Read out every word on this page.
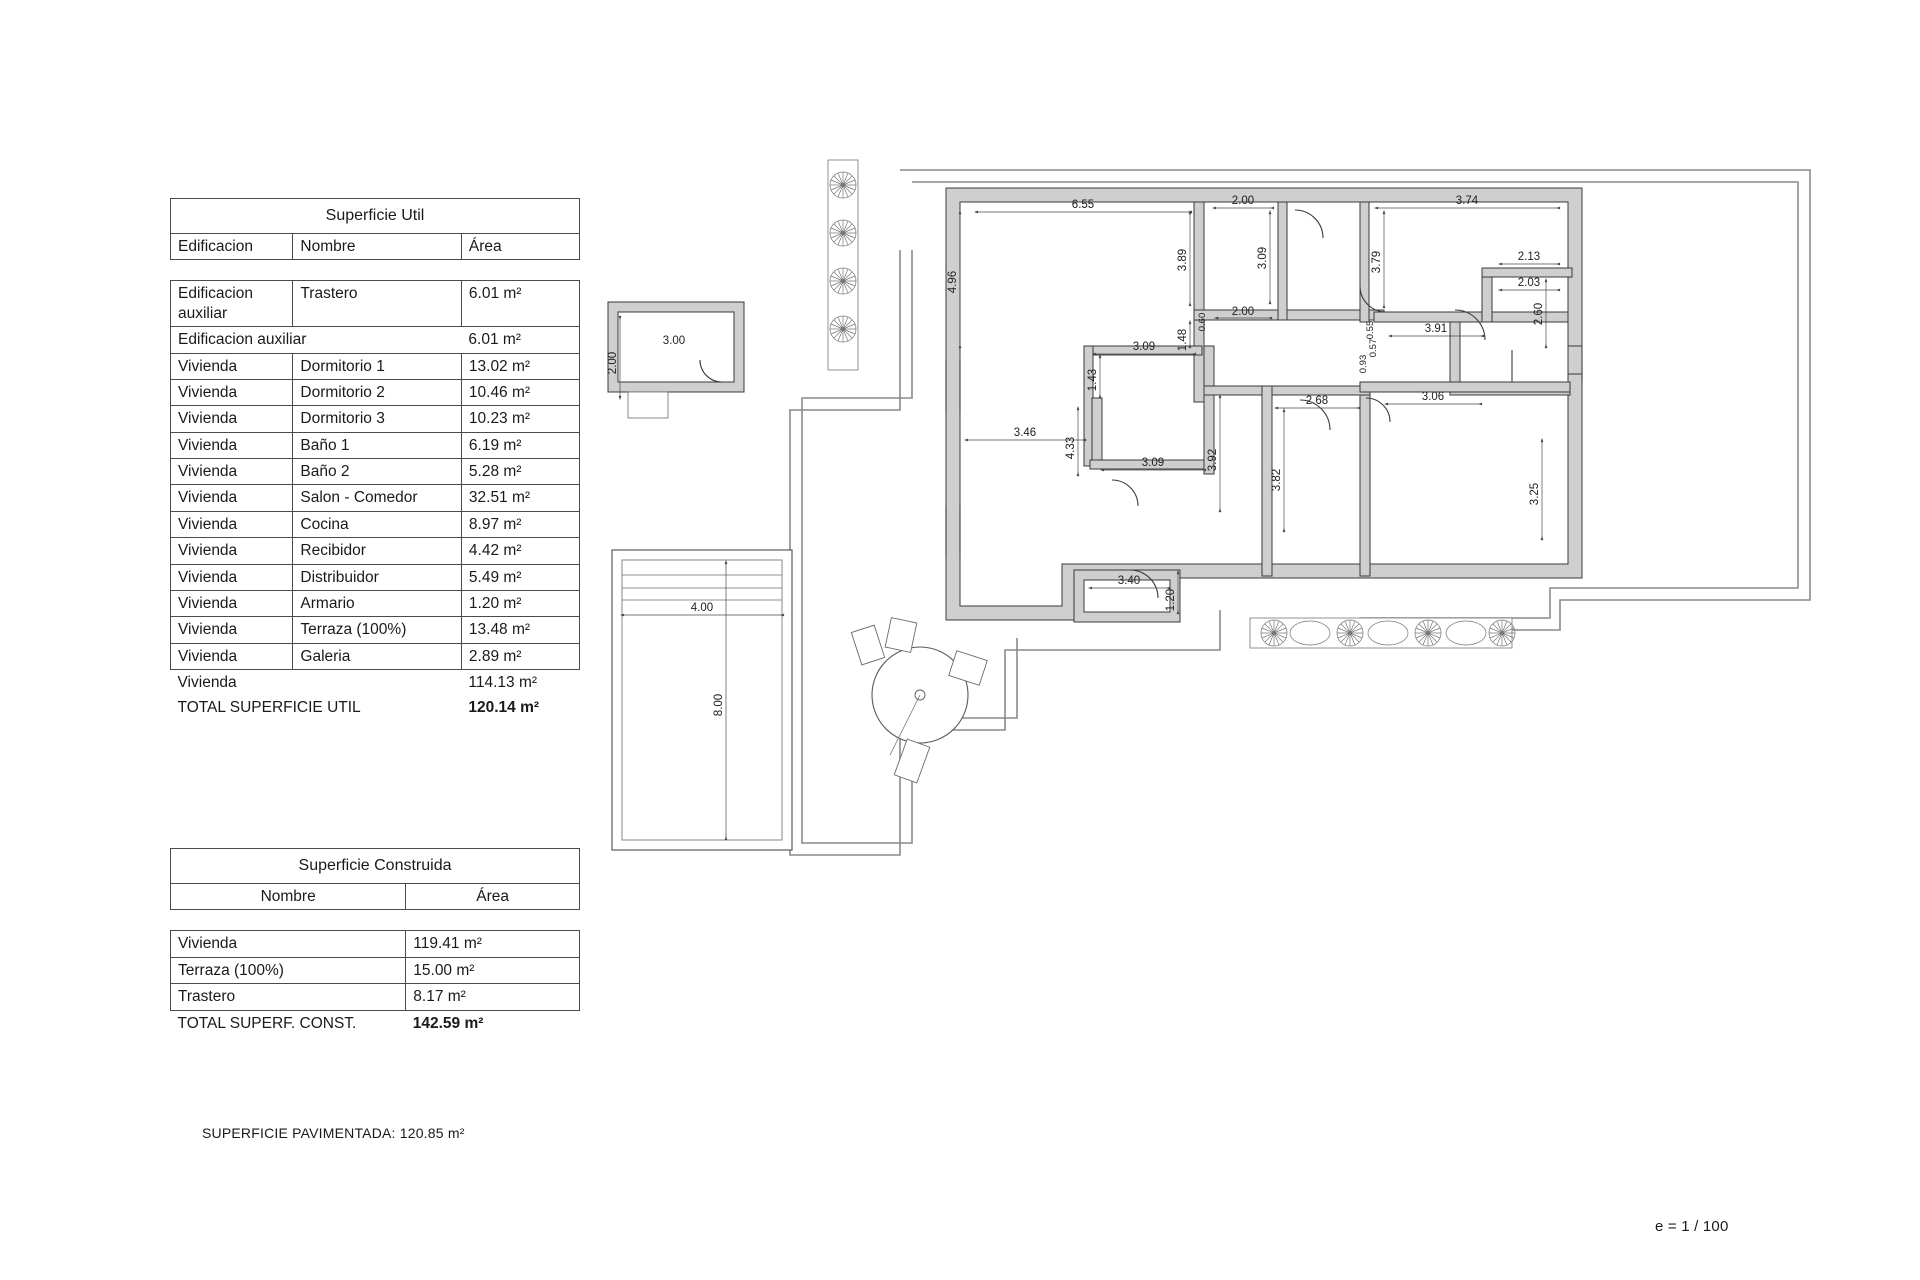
Superficie Util		
Edificacion	Nombre	Área

Edificacion auxiliar	Trastero	6.01 m²
Edificacion auxiliar		6.01 m²
Vivienda	Dormitorio 1	13.02 m²
Vivienda	Dormitorio 2	10.46 m²
Vivienda	Dormitorio 3	10.23 m²
Vivienda	Baño 1	6.19 m²
Vivienda	Baño 2	5.28 m²
Vivienda	Salon - Comedor	32.51 m²
Vivienda	Cocina	8.97 m²
Vivienda	Recibidor	4.42 m²
Vivienda	Distribuidor	5.49 m²
Vivienda	Armario	1.20 m²
Vivienda	Terraza (100%)	13.48 m²
Vivienda	Galeria	2.89 m²
Vivienda		114.13 m²
TOTAL SUPERFICIE UTIL		120.14 m²
Superficie Construida	
Nombre	Área

Vivienda	119.41 m²
Terraza (100%)	15.00 m²
Trastero	8.17 m²
TOTAL SUPERF. CONST.	142.59 m²
SUPERFICIE PAVIMENTADA: 120.85 m²
e = 1 / 100
2.00
3.00
4.00
8.00
6.55
4.96
3.89	3.09
2.00	3.74
3.79	2.13
2.03
2.60
0.60
2.00
0.55	3.91
1.48
3.09
1.43
3.46
4.33
3.09	3.92
2.68
3.82
0.93
3.06
3.25
0.57
3.40
1.20
